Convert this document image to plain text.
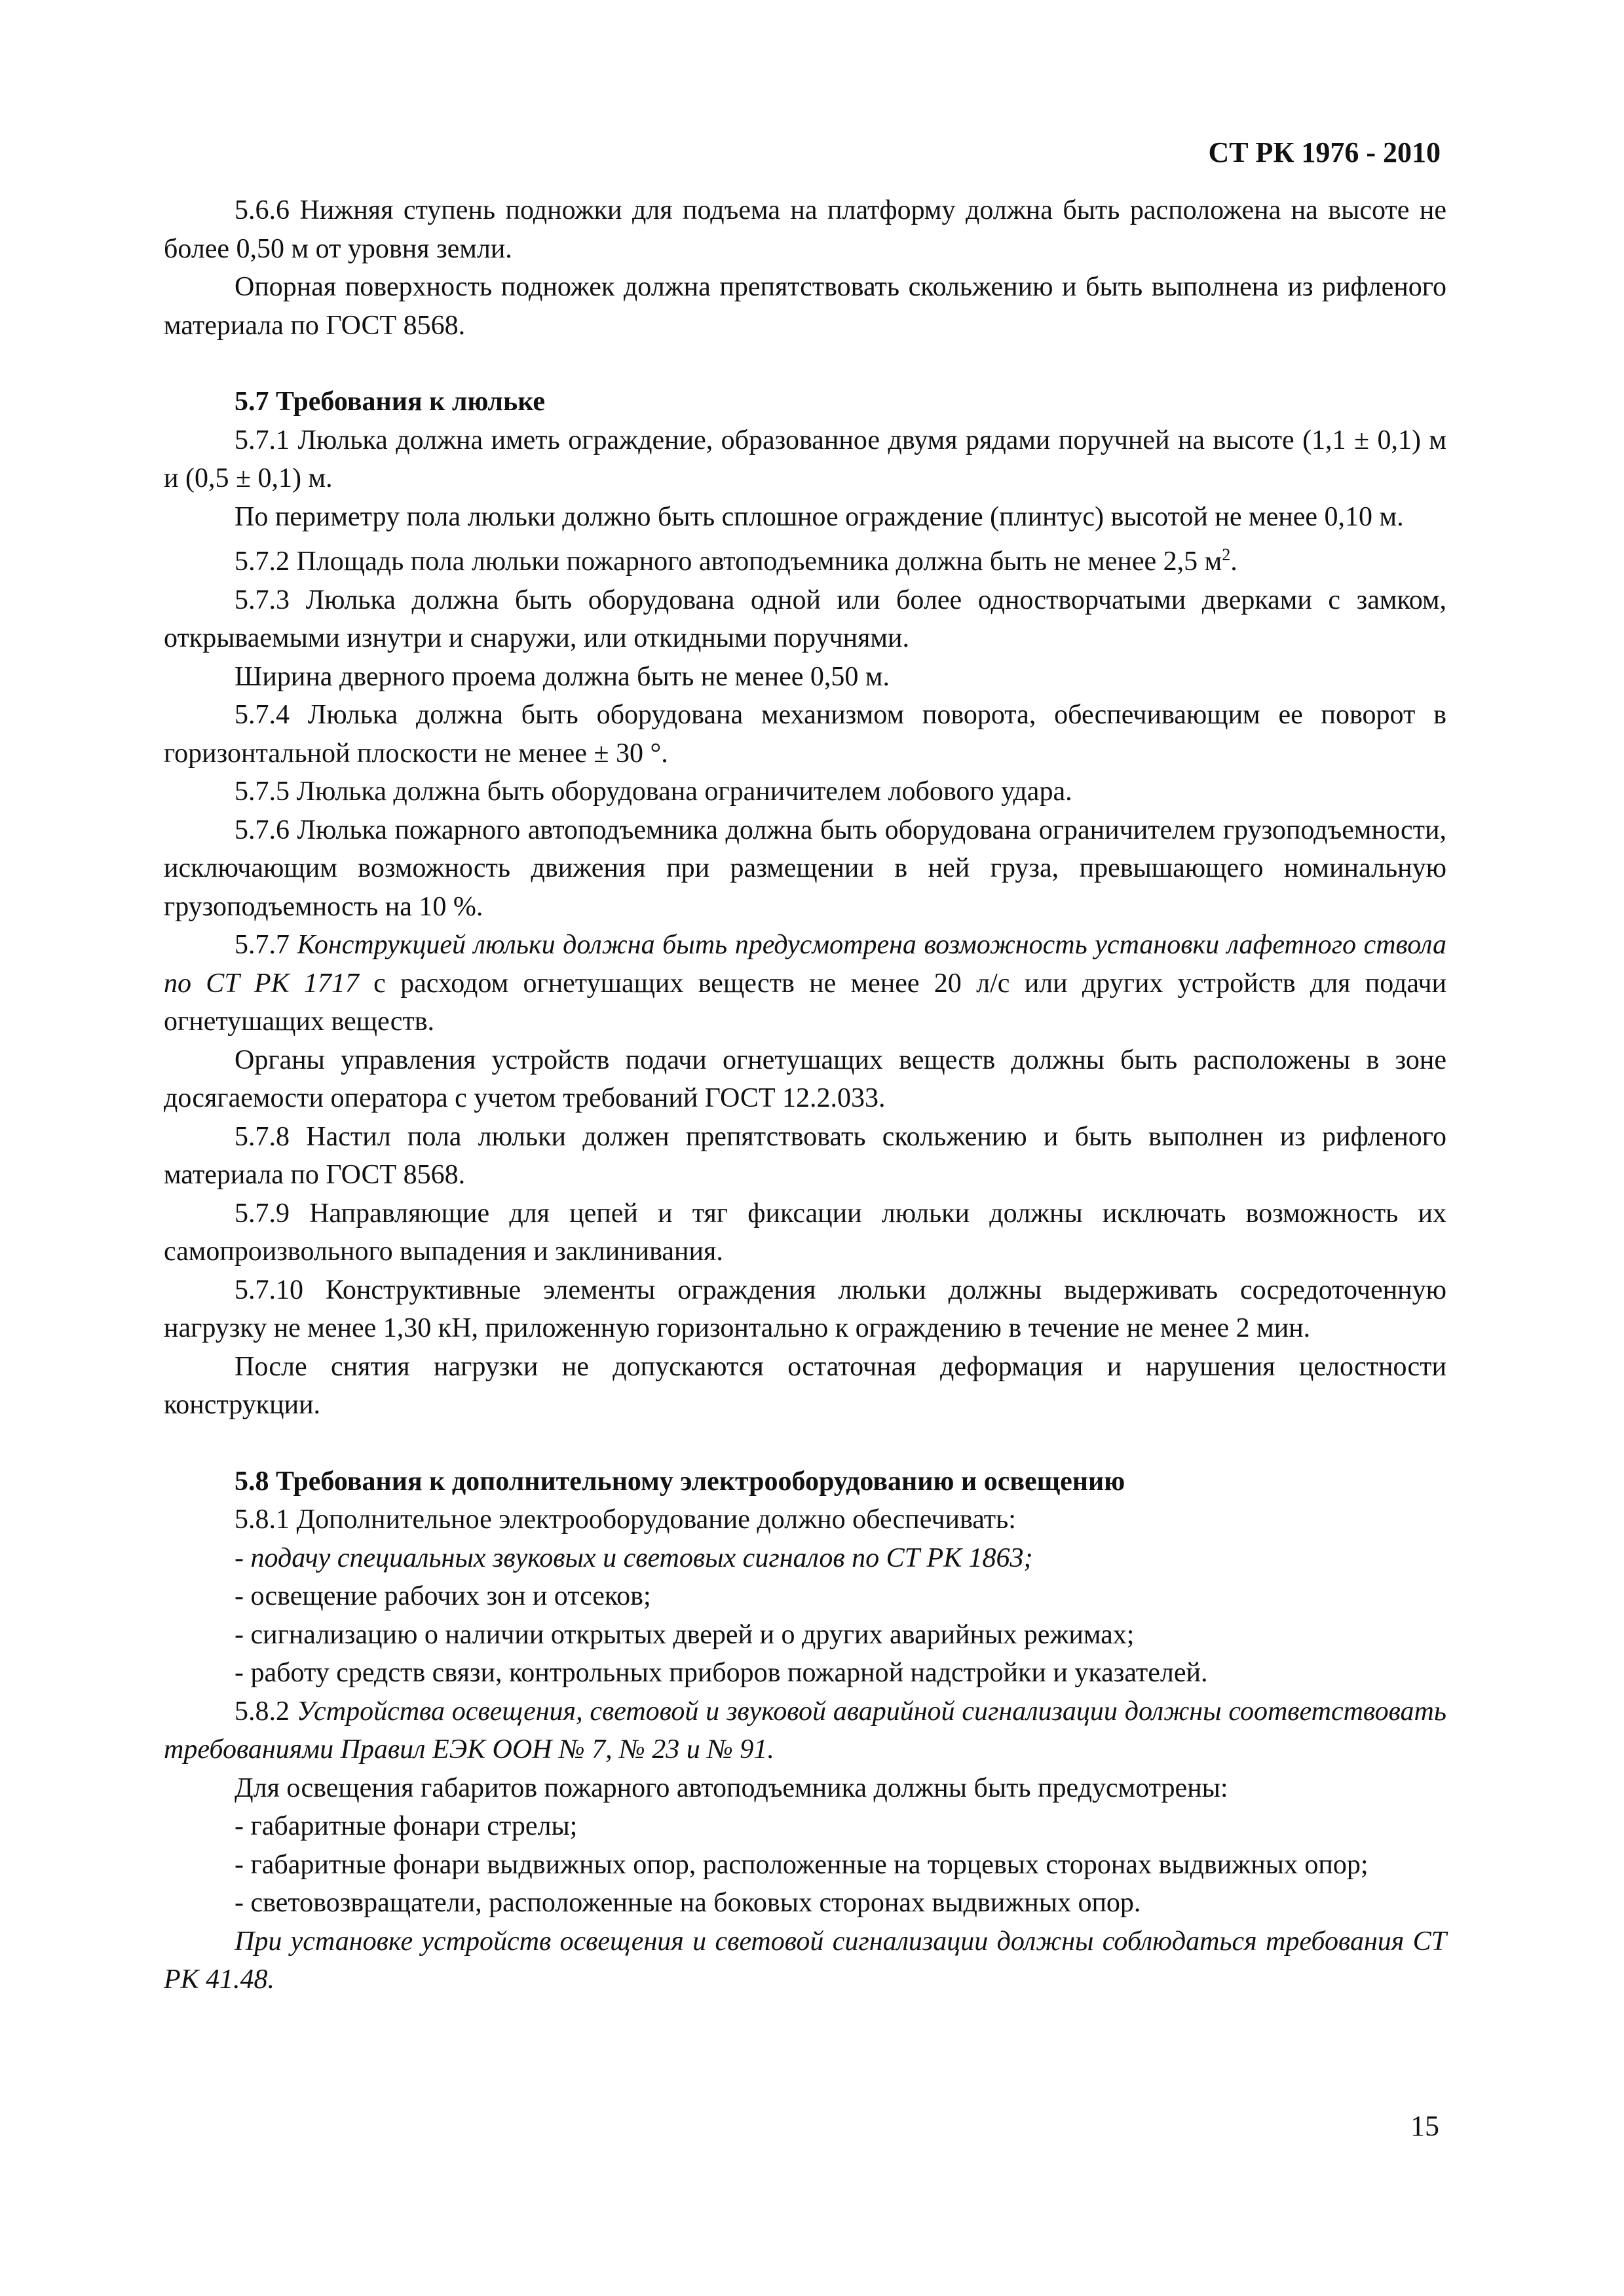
СТ РК 1976 - 2010

5.6.6 Нижняя ступень подножки для подъема на платформу должна быть расположена на высоте не более 0,50 м от уровня земли.

Опорная поверхность подножек должна препятствовать скольжению и быть выполнена из рифленого материала по ГОСТ 8568.

5.7 Требования к люльке

5.7.1 Люлька должна иметь ограждение, образованное двумя рядами поручней на высоте (1,1 ± 0,1) м и (0,5 ± 0,1) м.

По периметру пола люльки должно быть сплошное ограждение (плинтус) высотой не менее 0,10 м.

5.7.2 Площадь пола люльки пожарного автоподъемника должна быть не менее 2,5 $м^2$.

5.7.3 Люлька должна быть оборудована одной или более одностворчатыми дверками с замком, открываемыми изнутри и снаружи, или откидными поручнями.

Ширина дверного проема должна быть не менее 0,50 м.

5.7.4 Люлька должна быть оборудована механизмом поворота, обеспечивающим ее поворот в горизонтальной плоскости не менее ± 30 °.

5.7.5 Люлька должна быть оборудована ограничителем лобового удара.

5.7.6 Люлька пожарного автоподъемника должна быть оборудована ограничителем грузоподъемности, исключающим возможность движения при размещении в ней груза, превышающего номинальную грузоподъемность на 10 %.

5.7.7 Конструкцией люльки должна быть предусмотрена возможность установки лафетного ствола по СТ РК 1717 с расходом огнетушащих веществ не менее 20 л/с или других устройств для подачи огнетушащих веществ.

Органы управления устройств подачи огнетушащих веществ должны быть расположены в зоне досягаемости оператора с учетом требований ГОСТ 12.2.033.

5.7.8 Настил пола люльки должен препятствовать скольжению и быть выполнен из рифленого материала по ГОСТ 8568.

5.7.9 Направляющие для цепей и тяг фиксации люльки должны исключать возможность их самопроизвольного выпадения и заклинивания.

5.7.10 Конструктивные элементы ограждения люльки должны выдерживать сосредоточенную нагрузку не менее 1,30 кН, приложенную горизонтально к ограждению в течение не менее 2 мин.

После снятия нагрузки не допускаются остаточная деформация и нарушения целостности конструкции.

5.8 Требования к дополнительному электрооборудованию и освещению

5.8.1 Дополнительное электрооборудование должно обеспечивать:

- подачу специальных звуковых и световых сигналов по СТ РК 1863;

- освещение рабочих зон и отсеков;

- сигнализацию о наличии открытых дверей и о других аварийных режимах;

- работу средств связи, контрольных приборов пожарной надстройки и указателей.

5.8.2 Устройства освещения, световой и звуковой аварийной сигнализации должны соответствовать требованиями Правил ЕЭК ООН № 7, № 23 и № 91.

Для освещения габаритов пожарного автоподъемника должны быть предусмотрены:

- габаритные фонари стрелы;

- габаритные фонари выдвижных опор, расположенные на торцевых сторонах выдвижных опор;

- световозвращатели, расположенные на боковых сторонах выдвижных опор.

При установке устройств освещения и световой сигнализации должны соблюдаться требования СТ РК 41.48.

15
